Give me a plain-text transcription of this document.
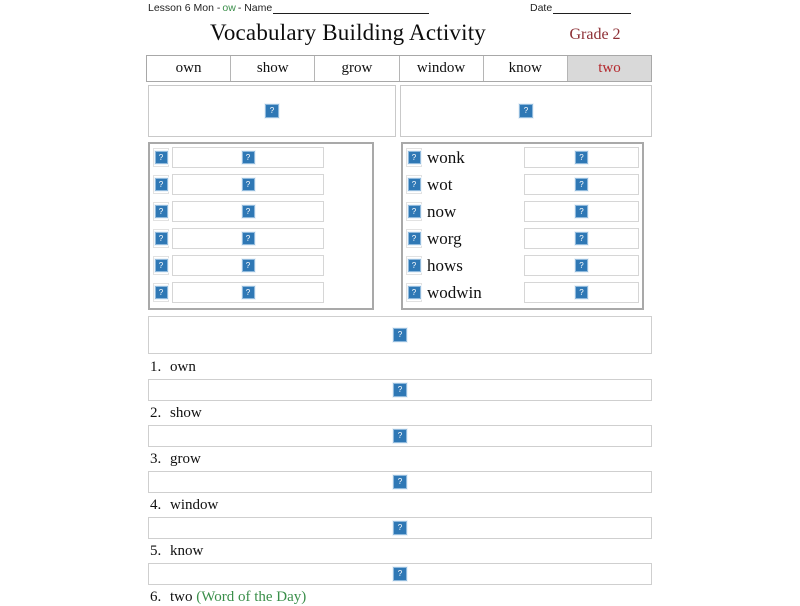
Lesson 6 Mon - ow - Name	Date
Vocabulary Building Activity	Grade 2
own	show	grow	window	know	two
?
?
?
?
?
?
?
?
?
?
?
?
?
?
?
wonk
?
?
wot
?
?
now
?
?
worg
?
?
hows
?
?
wodwin
?
?
1. own
?
2. show
?
3. grow
?
4. window
?
5. know
?
6. two (Word of the Day)
